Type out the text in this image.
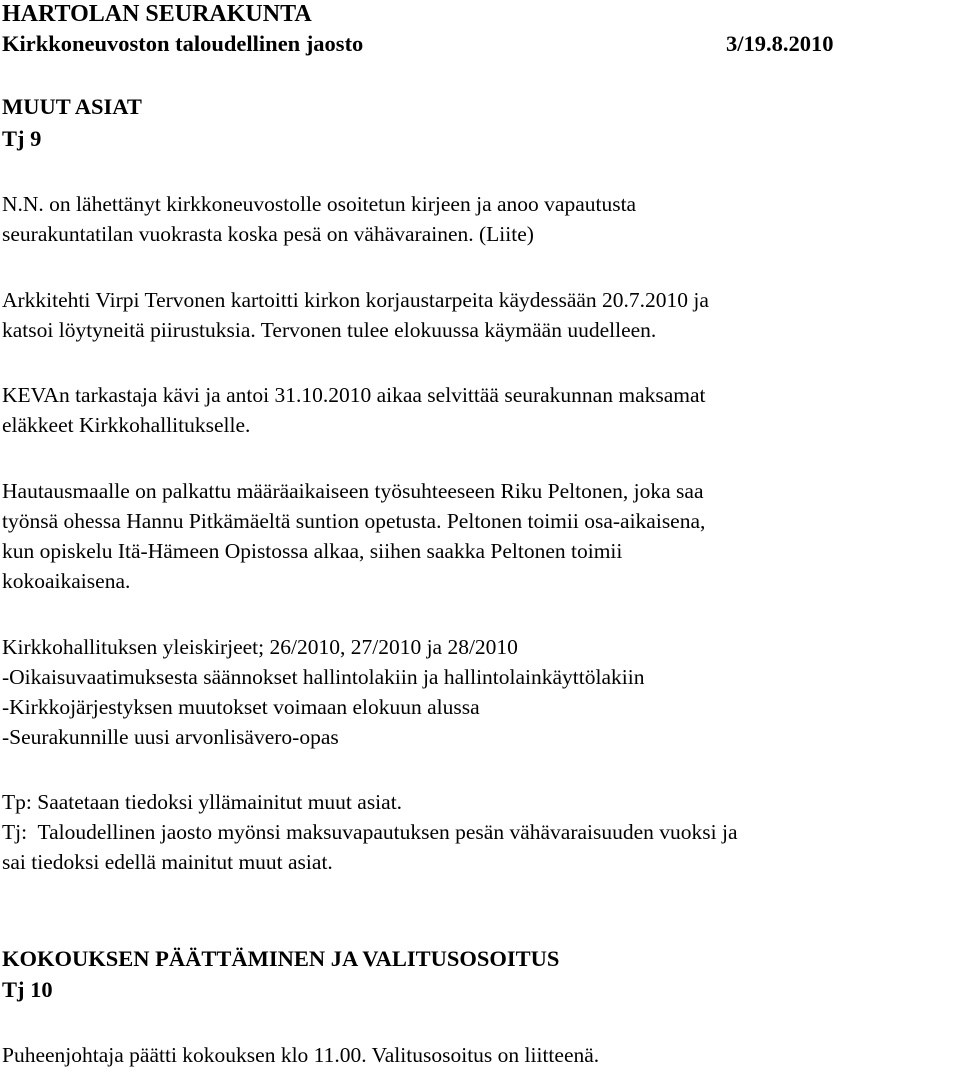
HARTOLAN SEURAKUNTA
Kirkkoneuvoston taloudellinen jaosto	3/19.8.2010
MUUT ASIAT
Tj 9
N.N. on lähettänyt kirkkoneuvostolle osoitetun kirjeen ja anoo vapautusta
seurakuntatilan vuokrasta koska pesä on vähävarainen. (Liite)
Arkkitehti Virpi Tervonen kartoitti kirkon korjaustarpeita käydessään 20.7.2010 ja
katsoi löytyneitä piirustuksia. Tervonen tulee elokuussa käymään uudelleen.
KEVAn tarkastaja kävi ja antoi 31.10.2010 aikaa selvittää seurakunnan maksamat
eläkkeet Kirkkohallitukselle.
Hautausmaalle on palkattu määräaikaiseen työsuhteeseen Riku Peltonen, joka saa
työnsä ohessa Hannu Pitkämäeltä suntion opetusta. Peltonen toimii osa-aikaisena,
kun opiskelu Itä-Hämeen Opistossa alkaa, siihen saakka Peltonen toimii
kokoaikaisena.
Kirkkohallituksen yleiskirjeet; 26/2010, 27/2010 ja 28/2010
-Oikaisuvaatimuksesta säännokset hallintolakiin ja hallintolainkäyttölakiin
-Kirkkojärjestyksen muutokset voimaan elokuun alussa
-Seurakunnille uusi arvonlisävero-opas
Tp: Saatetaan tiedoksi yllämainitut muut asiat.
Tj:  Taloudellinen jaosto myönsi maksuvapautuksen pesän vähävaraisuuden vuoksi ja
sai tiedoksi edellä mainitut muut asiat.
KOKOUKSEN PÄÄTTÄMINEN JA VALITUSOSOITUS
Tj 10
Puheenjohtaja päätti kokouksen klo 11.00. Valitusosoitus on liitteenä.
